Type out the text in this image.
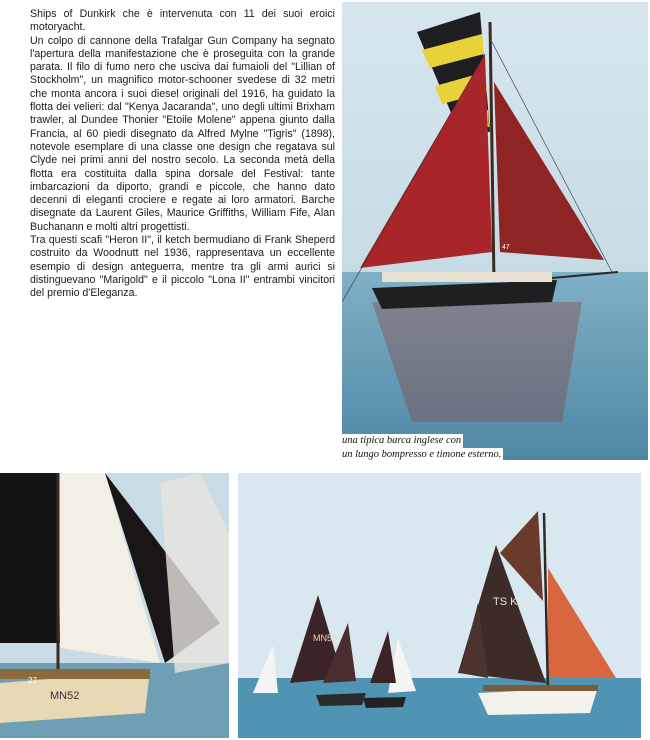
Ships of Dunkirk che è intervenuta con 11 dei suoi eroici motoryacht.

Un colpo di cannone della Trafalgar Gun Company ha segnato l'apertura della manifestazione che è proseguita con la grande parata. Il filo di fumo nero che usciva dai fumaioli del "Lillian of Stockholm", un magnifico motor-schooner svedese di 32 metri che monta ancora i suoi diesel originali del 1916, ha guidato la flotta dei velieri: dal "Kenya Jacaranda", uno degli ultimi Brixham trawler, al Dundee Thonier "Etoile Molene" appena giunto dalla Francia, al 60 piedi disegnato da Alfred Mylne "Tigris" (1898), notevole esemplare di una classe one design che regatava sul Clyde nei primi anni del nostro secolo. La seconda metà della flotta era costituita dalla spina dorsale del Festival: tante imbarcazioni da diporto, grandi e piccole, che hanno dato decenni di eleganti crociere e regate ai loro armatori. Barche disegnate da Laurent Giles, Maurice Griffiths, William Fife, Alan Buchanann e molti altri progettisti.

Tra questi scafi "Heron II", il ketch bermudiano di Frank Sheperd costruito da Woodnutt nel 1936, rappresentava un eccellente esempio di design anteguerra, mentre tra gli armi aurici si distinguevano "Marigold" e il piccolo "Lona II" entrambi vincitori del premio d'Eleganza.

47
una tipica barca inglese con
un lungo bompresso e timone esterno.
MN52
27
MN52
TS K59
